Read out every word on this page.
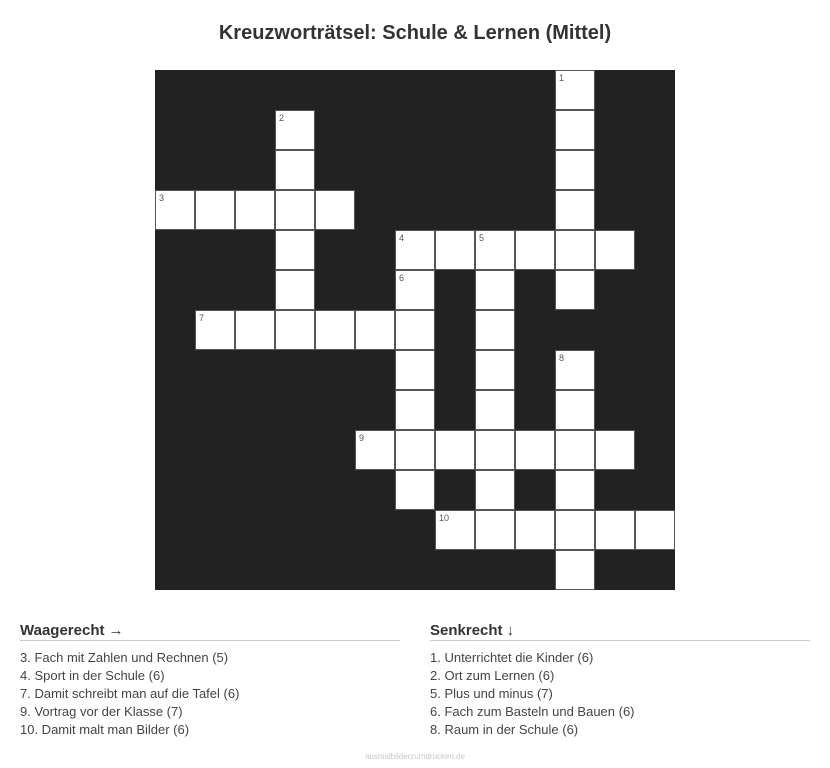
Kreuzworträtsel: Schule & Lernen (Mittel)
1
2
3
4	5
6
7
8
9
10
Waagerecht →
3. Fach mit Zahlen und Rechnen (5)
4. Sport in der Schule (6)
7. Damit schreibt man auf die Tafel (6)
9. Vortrag vor der Klasse (7)
10. Damit malt man Bilder (6)
Senkrecht ↓
1. Unterrichtet die Kinder (6)
2. Ort zum Lernen (6)
5. Plus und minus (7)
6. Fach zum Basteln und Bauen (6)
8. Raum in der Schule (6)
ausmalbilderzumdrucken.de
